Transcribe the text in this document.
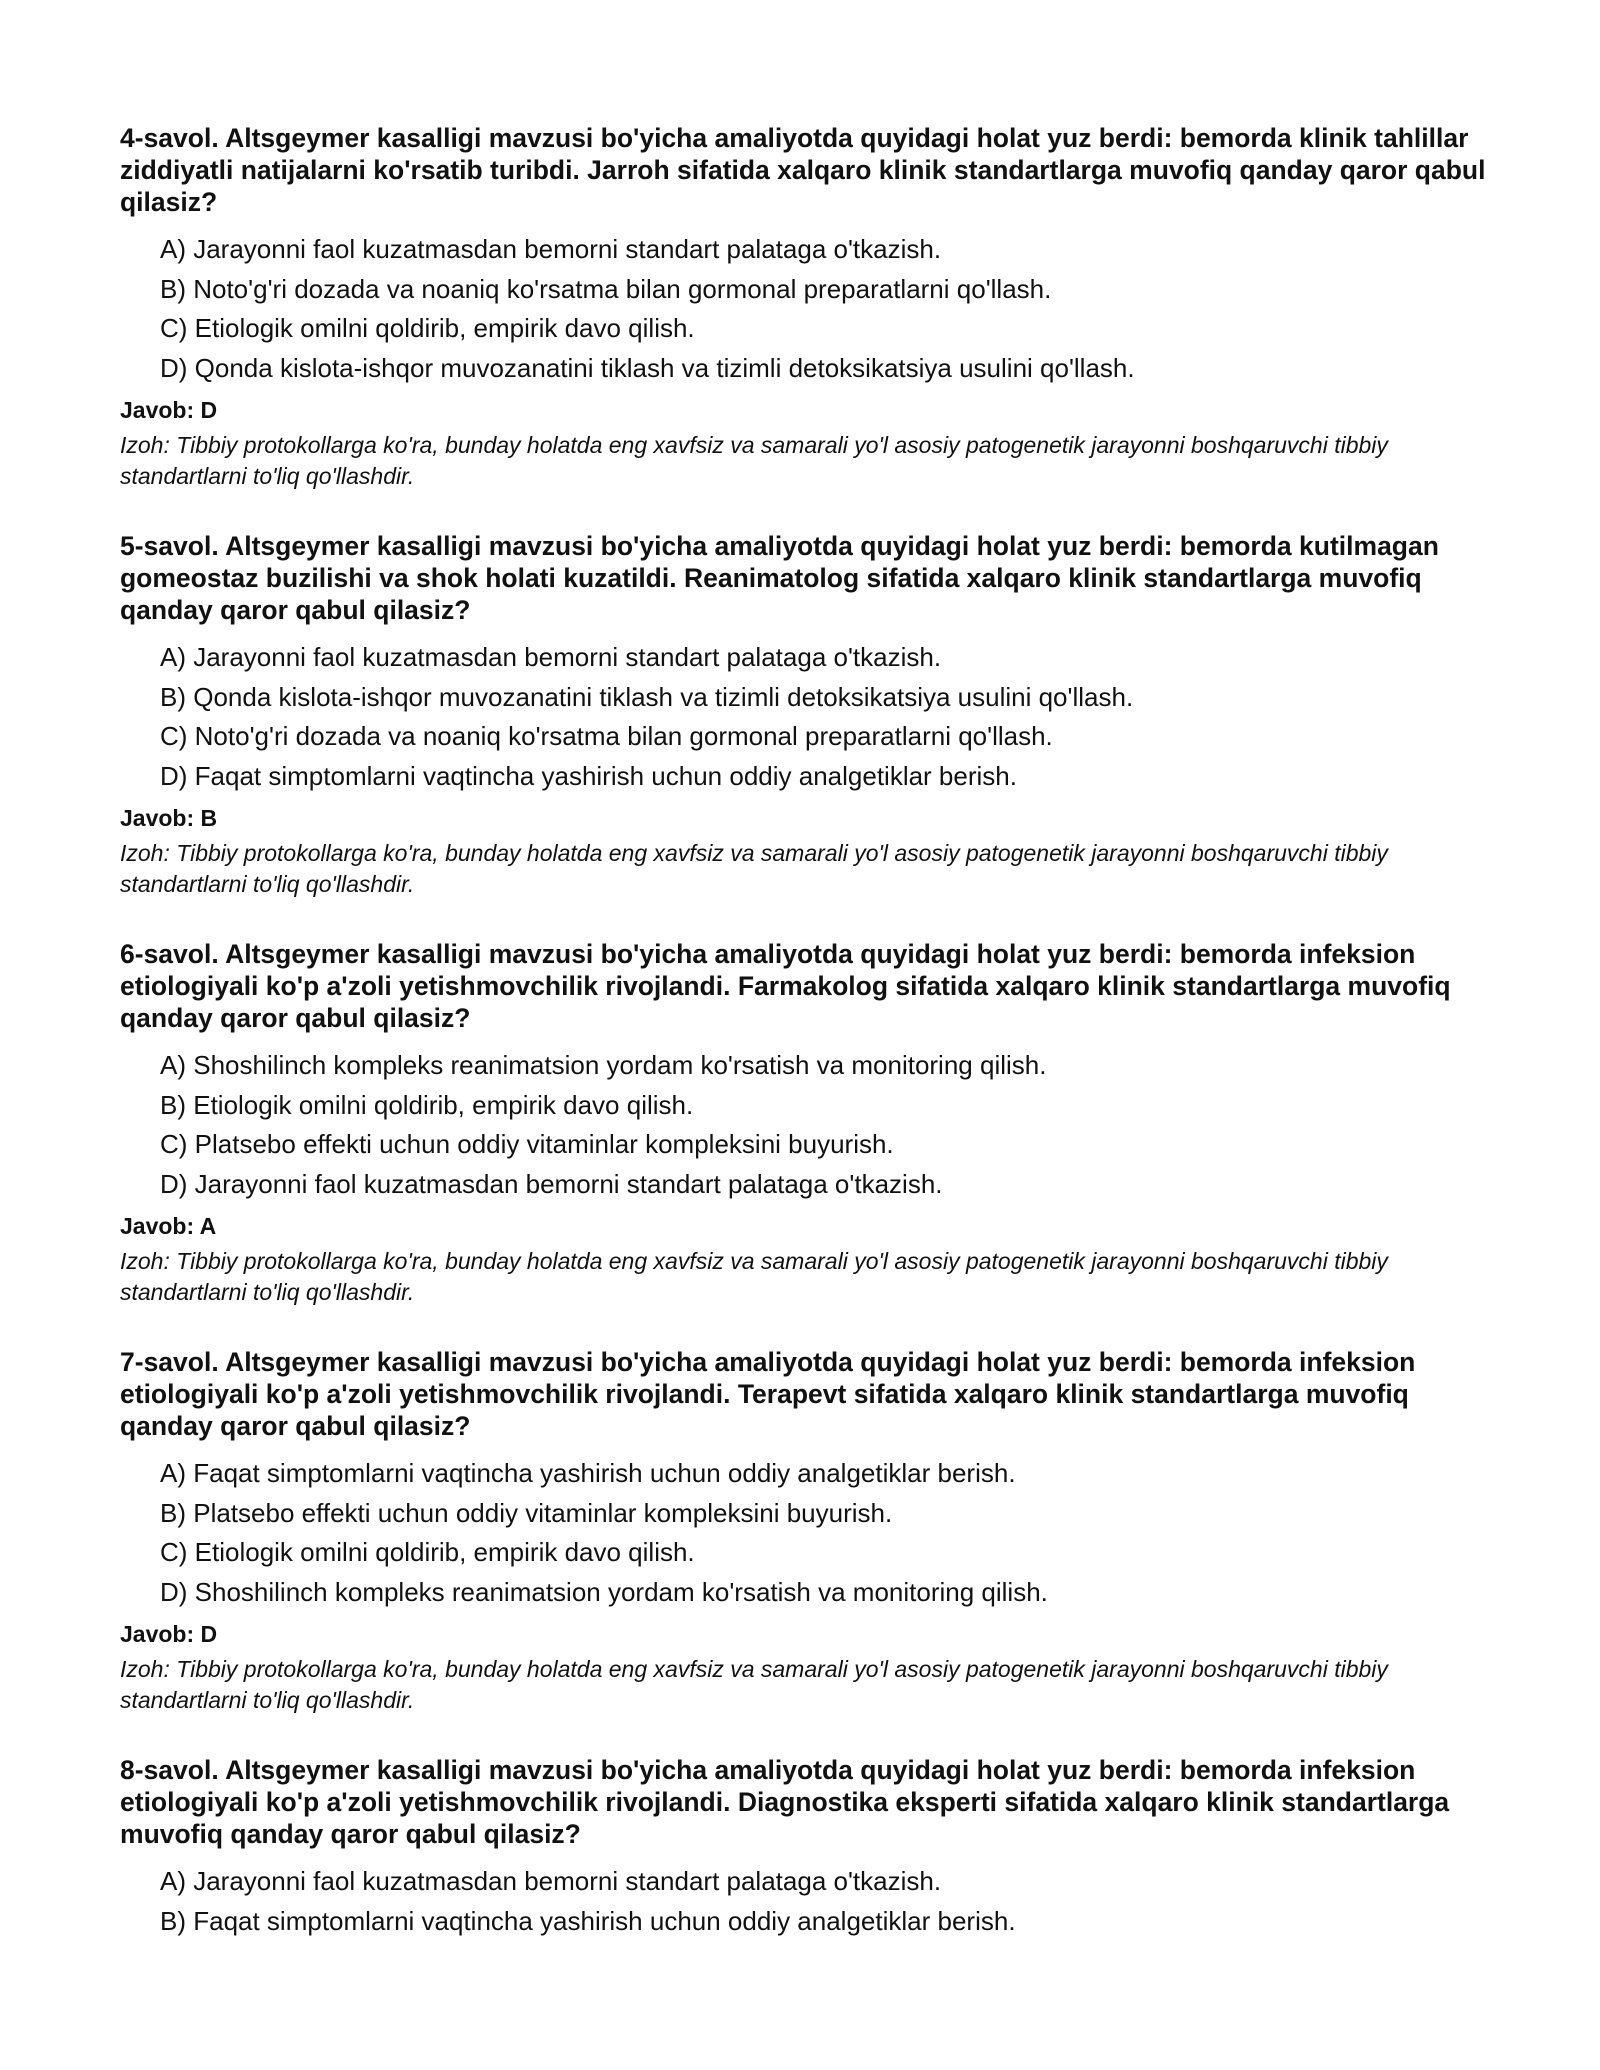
4-savol. Altsgeymer kasalligi mavzusi bo'yicha amaliyotda quyidagi holat yuz berdi: bemorda klinik tahlillar ziddiyatli natijalarni ko'rsatib turibdi. Jarroh sifatida xalqaro klinik standartlarga muvofiq qanday qaror qabul qilasiz?

A) Jarayonni faol kuzatmasdan bemorni standart palataga o'tkazish.
B) Noto'g'ri dozada va noaniq ko'rsatma bilan gormonal preparatlarni qo'llash.
C) Etiologik omilni qoldirib, empirik davo qilish.
D) Qonda kislota-ishqor muvozanatini tiklash va tizimli detoksikatsiya usulini qo'llash.

Javob: D

Izoh: Tibbiy protokollarga ko'ra, bunday holatda eng xavfsiz va samarali yo'l asosiy patogenetik jarayonni boshqaruvchi tibbiy standartlarni to'liq qo'llashdir.

5-savol. Altsgeymer kasalligi mavzusi bo'yicha amaliyotda quyidagi holat yuz berdi: bemorda kutilmagan gomeostaz buzilishi va shok holati kuzatildi. Reanimatolog sifatida xalqaro klinik standartlarga muvofiq qanday qaror qabul qilasiz?

A) Jarayonni faol kuzatmasdan bemorni standart palataga o'tkazish.
B) Qonda kislota-ishqor muvozanatini tiklash va tizimli detoksikatsiya usulini qo'llash.
C) Noto'g'ri dozada va noaniq ko'rsatma bilan gormonal preparatlarni qo'llash.
D) Faqat simptomlarni vaqtincha yashirish uchun oddiy analgetiklar berish.

Javob: B

Izoh: Tibbiy protokollarga ko'ra, bunday holatda eng xavfsiz va samarali yo'l asosiy patogenetik jarayonni boshqaruvchi tibbiy standartlarni to'liq qo'llashdir.

6-savol. Altsgeymer kasalligi mavzusi bo'yicha amaliyotda quyidagi holat yuz berdi: bemorda infeksion etiologiyali ko'p a'zoli yetishmovchilik rivojlandi. Farmakolog sifatida xalqaro klinik standartlarga muvofiq qanday qaror qabul qilasiz?

A) Shoshilinch kompleks reanimatsion yordam ko'rsatish va monitoring qilish.
B) Etiologik omilni qoldirib, empirik davo qilish.
C) Platsebo effekti uchun oddiy vitaminlar kompleksini buyurish.
D) Jarayonni faol kuzatmasdan bemorni standart palataga o'tkazish.

Javob: A

Izoh: Tibbiy protokollarga ko'ra, bunday holatda eng xavfsiz va samarali yo'l asosiy patogenetik jarayonni boshqaruvchi tibbiy standartlarni to'liq qo'llashdir.

7-savol. Altsgeymer kasalligi mavzusi bo'yicha amaliyotda quyidagi holat yuz berdi: bemorda infeksion etiologiyali ko'p a'zoli yetishmovchilik rivojlandi. Terapevt sifatida xalqaro klinik standartlarga muvofiq qanday qaror qabul qilasiz?

A) Faqat simptomlarni vaqtincha yashirish uchun oddiy analgetiklar berish.
B) Platsebo effekti uchun oddiy vitaminlar kompleksini buyurish.
C) Etiologik omilni qoldirib, empirik davo qilish.
D) Shoshilinch kompleks reanimatsion yordam ko'rsatish va monitoring qilish.

Javob: D

Izoh: Tibbiy protokollarga ko'ra, bunday holatda eng xavfsiz va samarali yo'l asosiy patogenetik jarayonni boshqaruvchi tibbiy standartlarni to'liq qo'llashdir.

8-savol. Altsgeymer kasalligi mavzusi bo'yicha amaliyotda quyidagi holat yuz berdi: bemorda infeksion etiologiyali ko'p a'zoli yetishmovchilik rivojlandi. Diagnostika eksperti sifatida xalqaro klinik standartlarga muvofiq qanday qaror qabul qilasiz?

A) Jarayonni faol kuzatmasdan bemorni standart palataga o'tkazish.
B) Faqat simptomlarni vaqtincha yashirish uchun oddiy analgetiklar berish.
